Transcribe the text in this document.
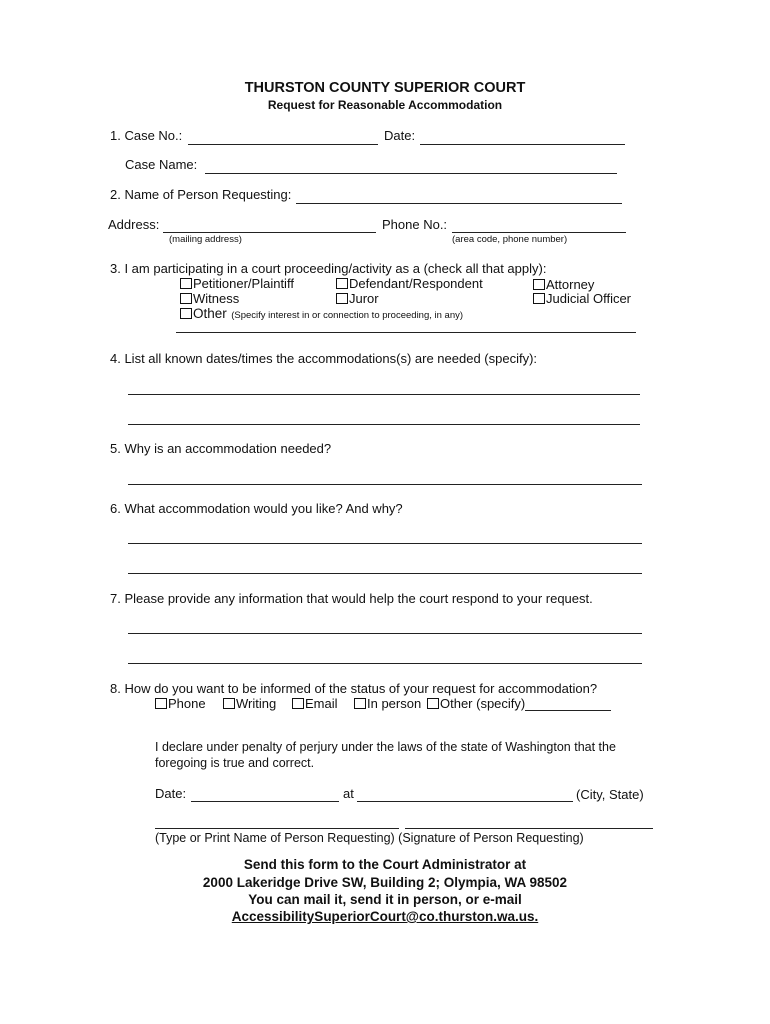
THURSTON COUNTY SUPERIOR COURT
Request for Reasonable Accommodation
1. Case No.:	Date:
Case Name:
2. Name of Person Requesting:
Address:	Phone No.:
(mailing address)	(area code, phone number)
3. I am participating in a court proceeding/activity as a (check all that apply):
Petitioner/Plaintiff	Defendant/Respondent	Attorney
Witness	Juror	Judicial Officer
Other (Specify interest in or connection to proceeding, in any)
4. List all known dates/times the accommodations(s) are needed (specify):
5. Why is an accommodation needed?
6. What accommodation would you like? And why?
7. Please provide any information that would help the court respond to your request.
8. How do you want to be informed of the status of your request for accommodation?
Phone	Writing	Email	In person	Other (specify)
I declare under penalty of perjury under the laws of the state of Washington that the
foregoing is true and correct.
Date:	at	(City, State)
(Type or Print Name of Person Requesting) (Signature of Person Requesting)
Send this form to the Court Administrator at
2000 Lakeridge Drive SW, Building 2; Olympia, WA 98502
You can mail it, send it in person, or e-mail
AccessibilitySuperiorCourt@co.thurston.wa.us.
